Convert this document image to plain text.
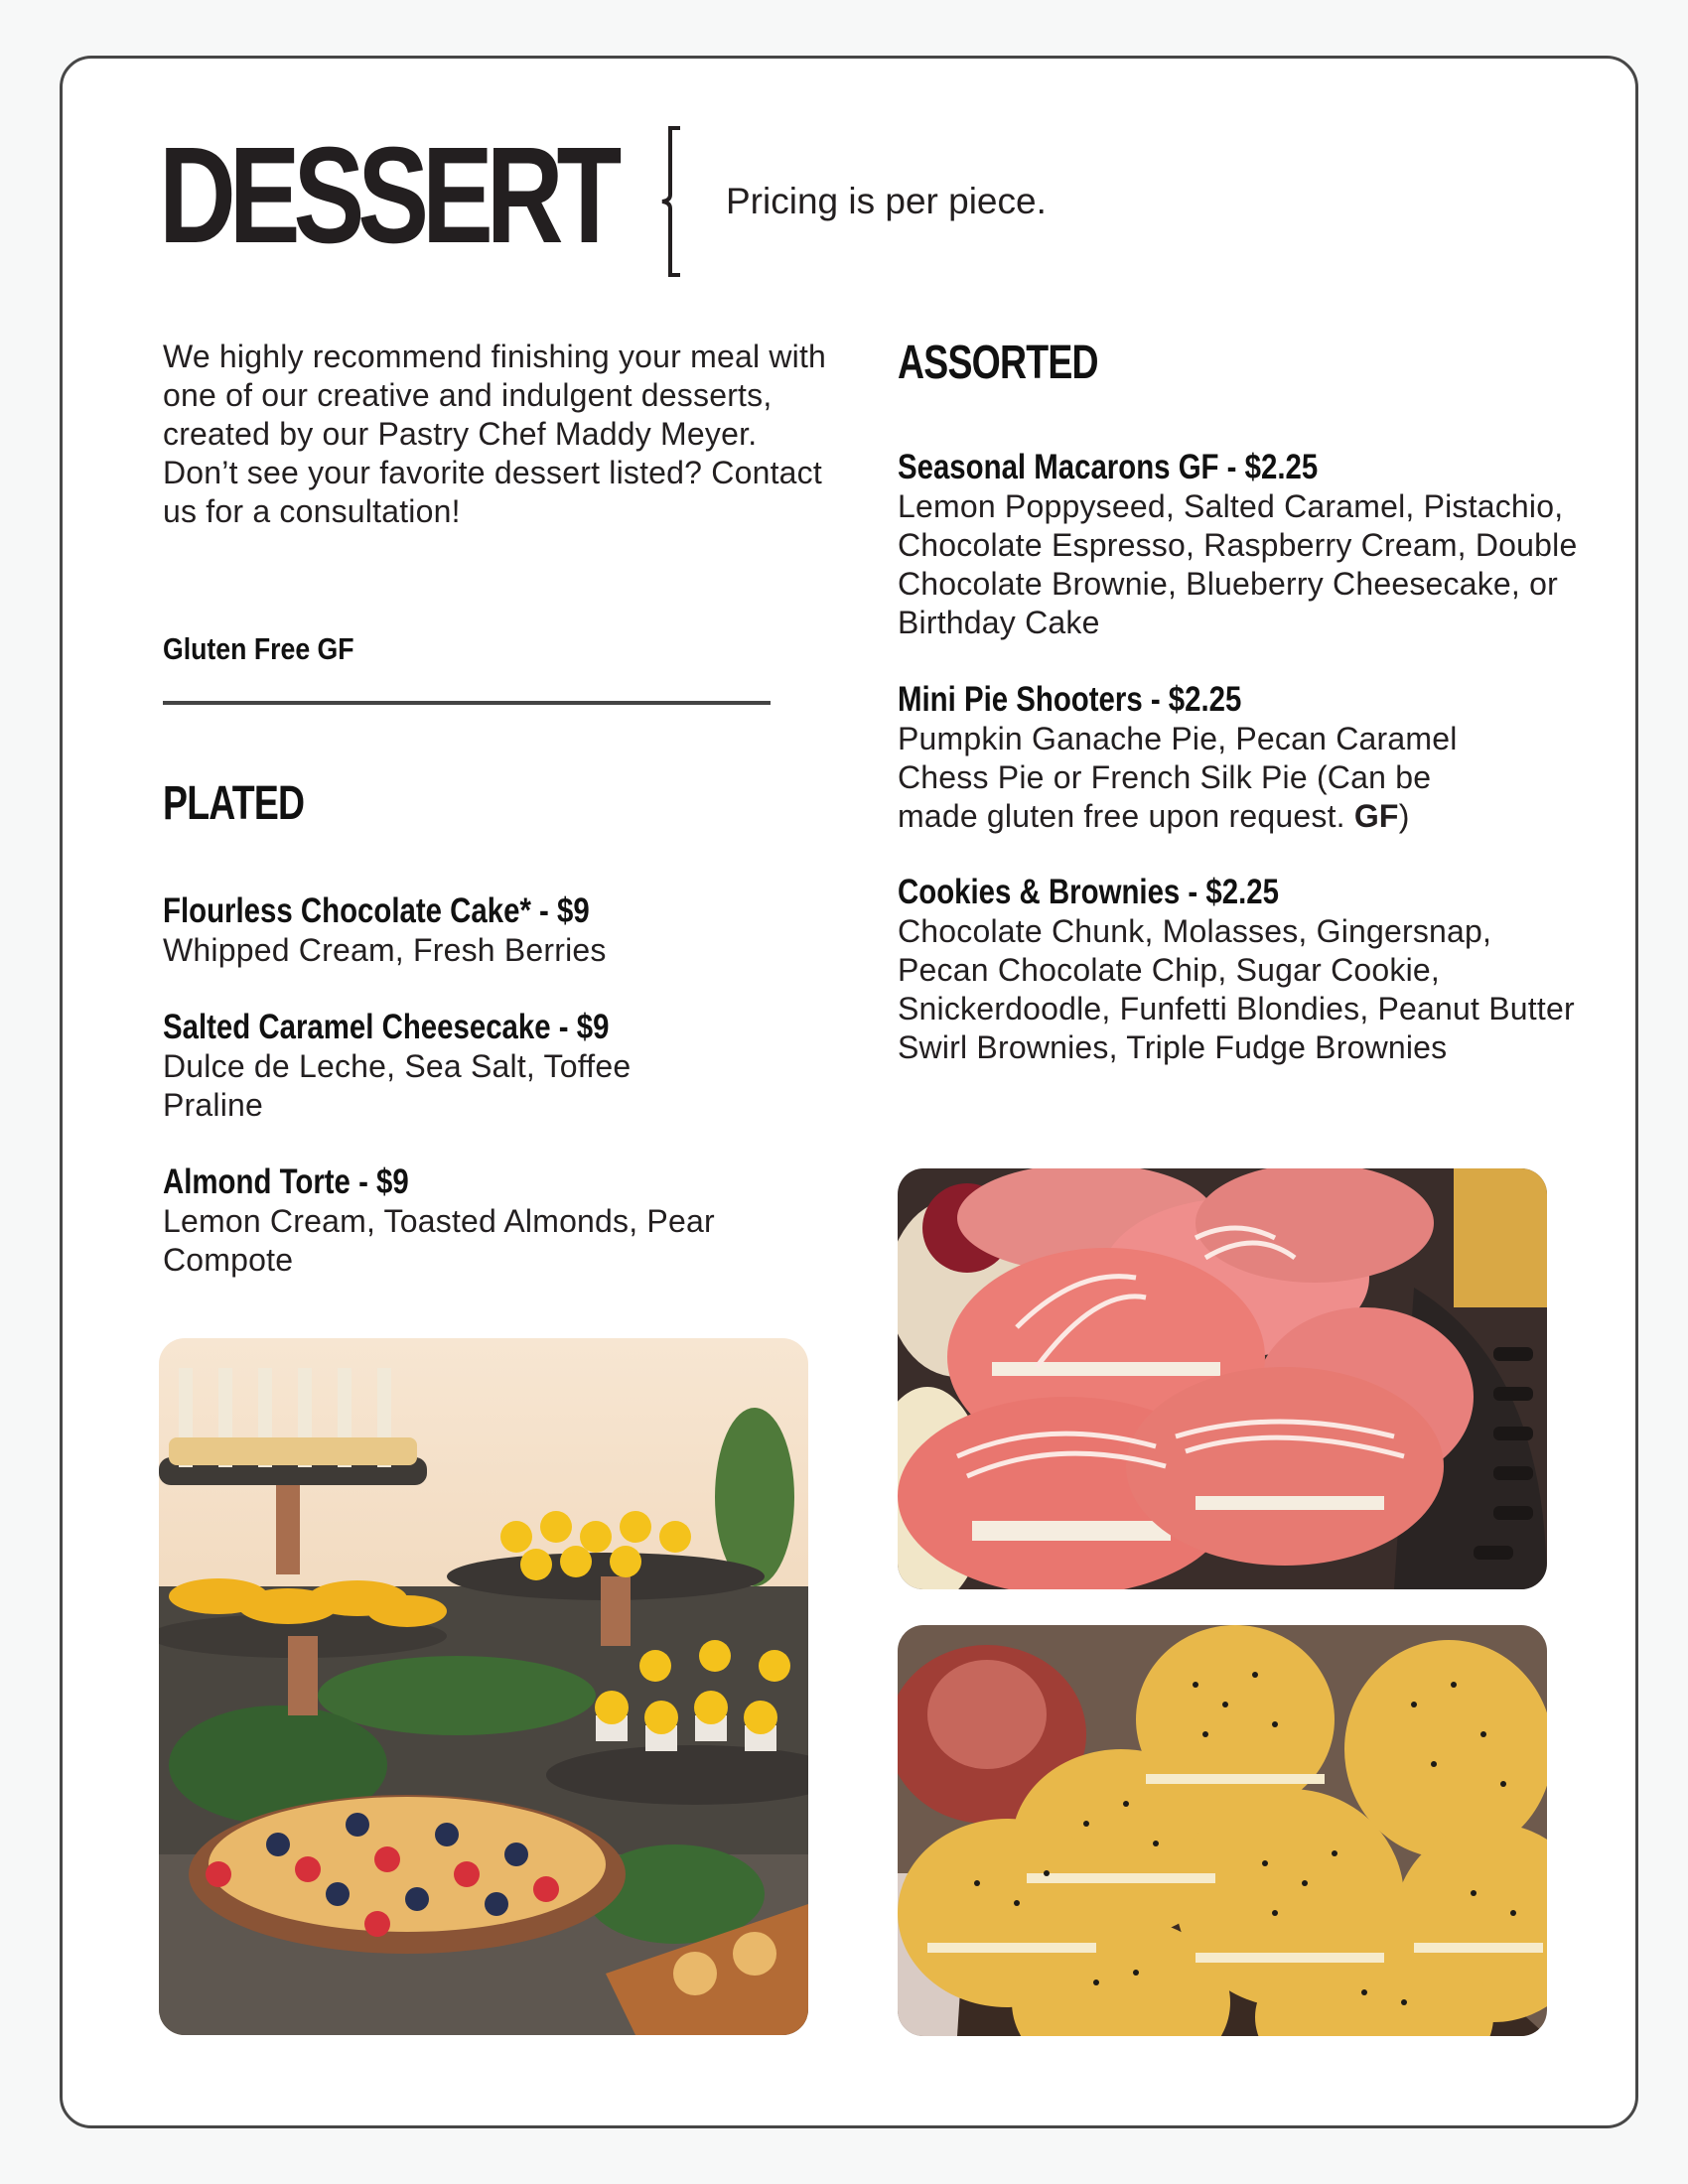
DESSERT	Pricing is per piece.
We highly recommend finishing your meal with one of our creative and indulgent desserts, created by our Pastry Chef Maddy Meyer. Don’t see your favorite dessert listed? Contact us for a consultation!
Gluten Free GF
PLATED
Flourless Chocolate Cake* - $9
Whipped Cream, Fresh Berries
Salted Caramel Cheesecake - $9
Dulce de Leche, Sea Salt, Toffee Praline
Almond Torte - $9
Lemon Cream, Toasted Almonds, Pear Compote
ASSORTED
Seasonal Macarons GF - $2.25
Lemon Poppyseed, Salted Caramel, Pistachio, Chocolate Espresso, Raspberry Cream, Double Chocolate Brownie, Blueberry Cheesecake, or Birthday Cake
Mini Pie Shooters - $2.25
Pumpkin Ganache Pie, Pecan Caramel Chess Pie or French Silk Pie (Can be made gluten free upon request. GF)
Cookies & Brownies - $2.25
Chocolate Chunk, Molasses, Gingersnap, Pecan Chocolate Chip, Sugar Cookie, Snickerdoodle, Funfetti Blondies, Peanut Butter Swirl Brownies, Triple Fudge Brownies
